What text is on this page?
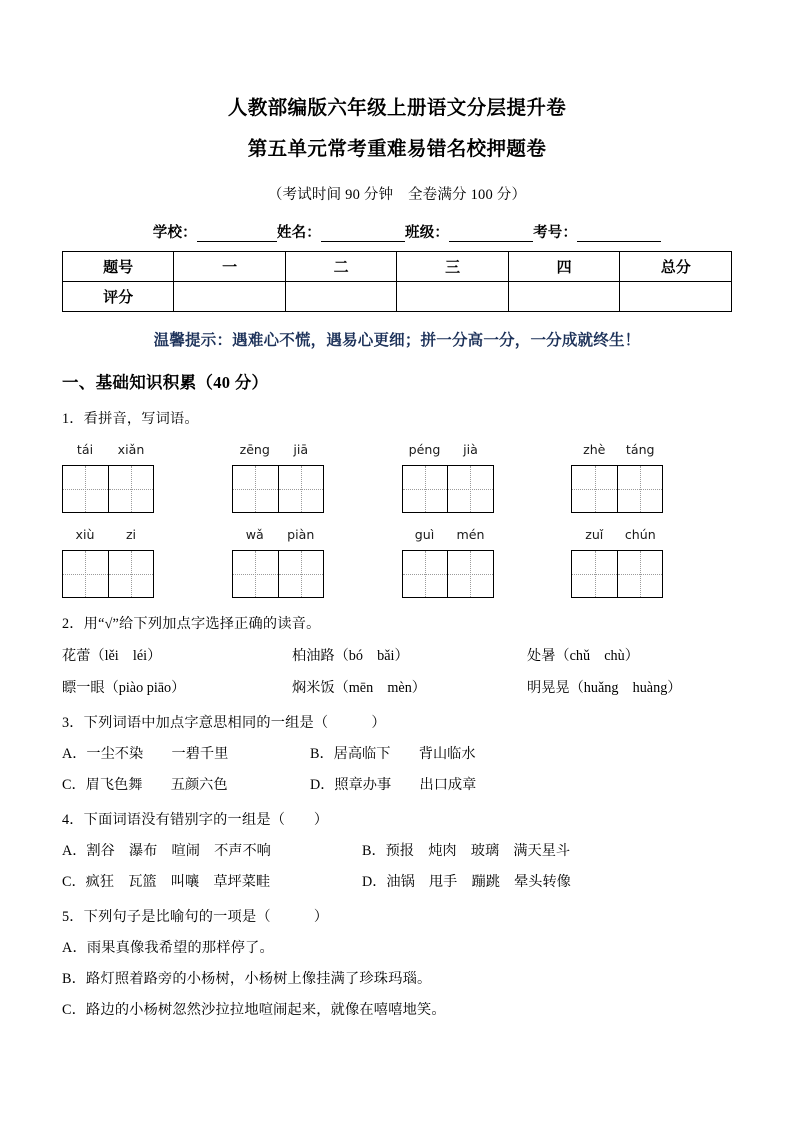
人教部编版六年级上册语文分层提升卷
第五单元常考重难易错名校押题卷
（考试时间 90 分钟　全卷满分 100 分）
学校：	姓名：	班级：	考号：
题号	一	二	三	四	总分
评分					
温馨提示：遇难心不慌，遇易心更细；拼一分高一分，一分成就终生！
一、基础知识积累（40 分）
1．看拼音，写词语。
tái	xiǎn	zēng	jiā	péng	jià	zhè	táng
xiù	zi	wǎ	piàn	guì	mén	zuǐ	chún
2．用“√”给下列加点字选择正确的读音。
花蕾（lěi　léi）	柏油路（bó　bǎi）	处暑（chǔ　chù）
瞟一眼（piào piāo）	焖米饭（mēn　mèn）	明晃晃（huǎng　huàng）
3．下列词语中加点字意思相同的一组是（　　　）
A．一尘不染　　一碧千里	B．居高临下　　背山临水
C．眉飞色舞　　五颜六色	D．照章办事　　出口成章
4．下面词语没有错别字的一组是（　　）
A．割谷　瀑布　喧闹　不声不响	B．预报　炖肉　玻璃　满天星斗
C．疯狂　瓦篮　叫嚷　草坪菜畦	D．油锅　甩手　蹦跳　晕头转像
5．下列句子是比喻句的一项是（　　　）
A．雨果真像我希望的那样停了。
B．路灯照着路旁的小杨树，小杨树上像挂满了珍珠玛瑙。
C．路边的小杨树忽然沙拉拉地喧闹起来，就像在嘻嘻地笑。
